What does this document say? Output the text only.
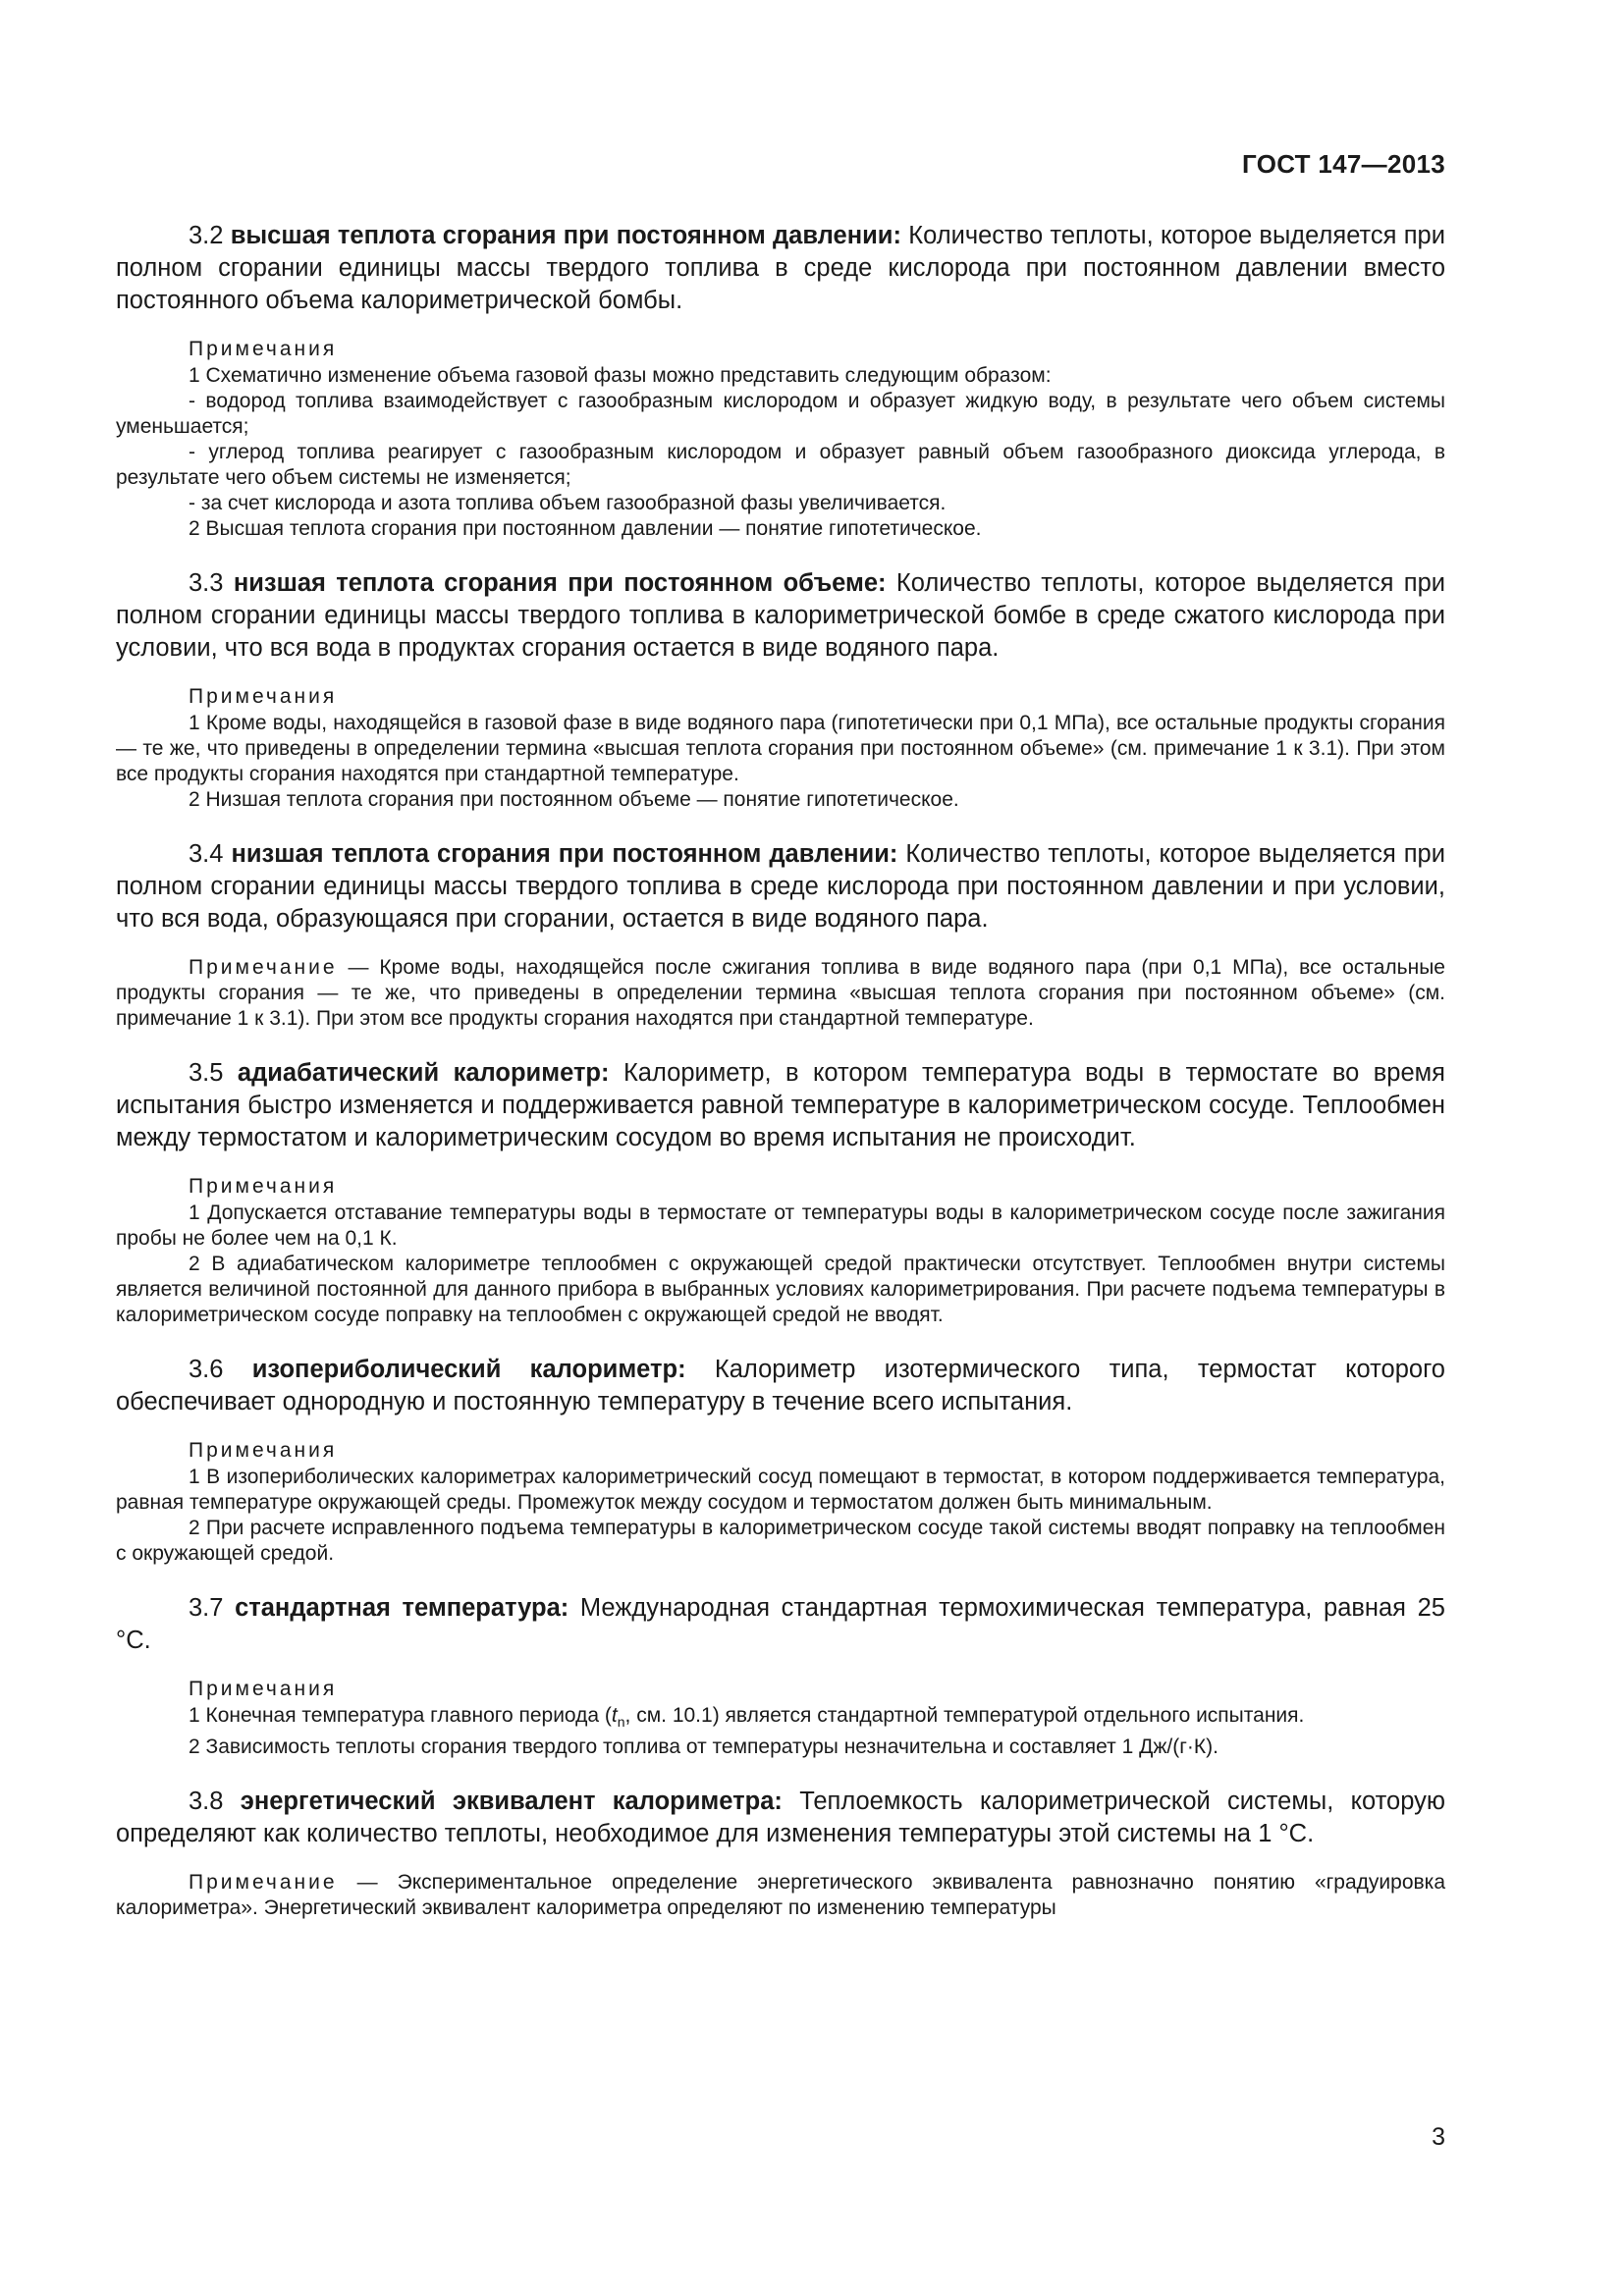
ГОСТ 147—2013

3.2 высшая теплота сгорания при постоянном давлении: Количество теплоты, которое выделяется при полном сгорании единицы массы твердого топлива в среде кислорода при постоянном давлении вместо постоянного объема калориметрической бомбы.

Примечания

1 Схематично изменение объема газовой фазы можно представить следующим образом:

- водород топлива взаимодействует с газообразным кислородом и образует жидкую воду, в результате чего объем системы уменьшается;

- углерод топлива реагирует с газообразным кислородом и образует равный объем газообразного диоксида углерода, в результате чего объем системы не изменяется;

- за счет кислорода и азота топлива объем газообразной фазы увеличивается.

2 Высшая теплота сгорания при постоянном давлении — понятие гипотетическое.

3.3 низшая теплота сгорания при постоянном объеме: Количество теплоты, которое выделяется при полном сгорании единицы массы твердого топлива в калориметрической бомбе в среде сжатого кислорода при условии, что вся вода в продуктах сгорания остается в виде водяного пара.

Примечания

1 Кроме воды, находящейся в газовой фазе в виде водяного пара (гипотетически при 0,1 МПа), все остальные продукты сгорания — те же, что приведены в определении термина «высшая теплота сгорания при постоянном объеме» (см. примечание 1 к 3.1). При этом все продукты сгорания находятся при стандартной температуре.

2 Низшая теплота сгорания при постоянном объеме — понятие гипотетическое.

3.4 низшая теплота сгорания при постоянном давлении: Количество теплоты, которое выделяется при полном сгорании единицы массы твердого топлива в среде кислорода при постоянном давлении и при условии, что вся вода, образующаяся при сгорании, остается в виде водяного пара.

Примечание — Кроме воды, находящейся после сжигания топлива в виде водяного пара (при 0,1 МПа), все остальные продукты сгорания — те же, что приведены в определении термина «высшая теплота сгорания при постоянном объеме» (см. примечание 1 к 3.1). При этом все продукты сгорания находятся при стандартной температуре.

3.5 адиабатический калориметр: Калориметр, в котором температура воды в термостате во время испытания быстро изменяется и поддерживается равной температуре в калориметрическом сосуде. Теплообмен между термостатом и калориметрическим сосудом во время испытания не происходит.

Примечания

1 Допускается отставание температуры воды в термостате от температуры воды в калориметрическом сосуде после зажигания пробы не более чем на 0,1 К.

2 В адиабатическом калориметре теплообмен с окружающей средой практически отсутствует. Теплообмен внутри системы является величиной постоянной для данного прибора в выбранных условиях калориметрирования. При расчете подъема температуры в калориметрическом сосуде поправку на теплообмен с окружающей средой не вводят.

3.6 изопериболический калориметр: Калориметр изотермического типа, термостат которого обеспечивает однородную и постоянную температуру в течение всего испытания.

Примечания

1 В изопериболических калориметрах калориметрический сосуд помещают в термостат, в котором поддерживается температура, равная температуре окружающей среды. Промежуток между сосудом и термостатом должен быть минимальным.

2 При расчете исправленного подъема температуры в калориметрическом сосуде такой системы вводят поправку на теплообмен с окружающей средой.

3.7 стандартная температура: Международная стандартная термохимическая температура, равная 25 °С.

Примечания

1 Конечная температура главного периода ($t_n$, см. 10.1) является стандартной температурой отдельного испытания.

2 Зависимость теплоты сгорания твердого топлива от температуры незначительна и составляет 1 Дж/(г·К).

3.8 энергетический эквивалент калориметра: Теплоемкость калориметрической системы, которую определяют как количество теплоты, необходимое для изменения температуры этой системы на 1 °С.

Примечание — Экспериментальное определение энергетического эквивалента равнозначно понятию «градуировка калориметра». Энергетический эквивалент калориметра определяют по изменению температуры

3
